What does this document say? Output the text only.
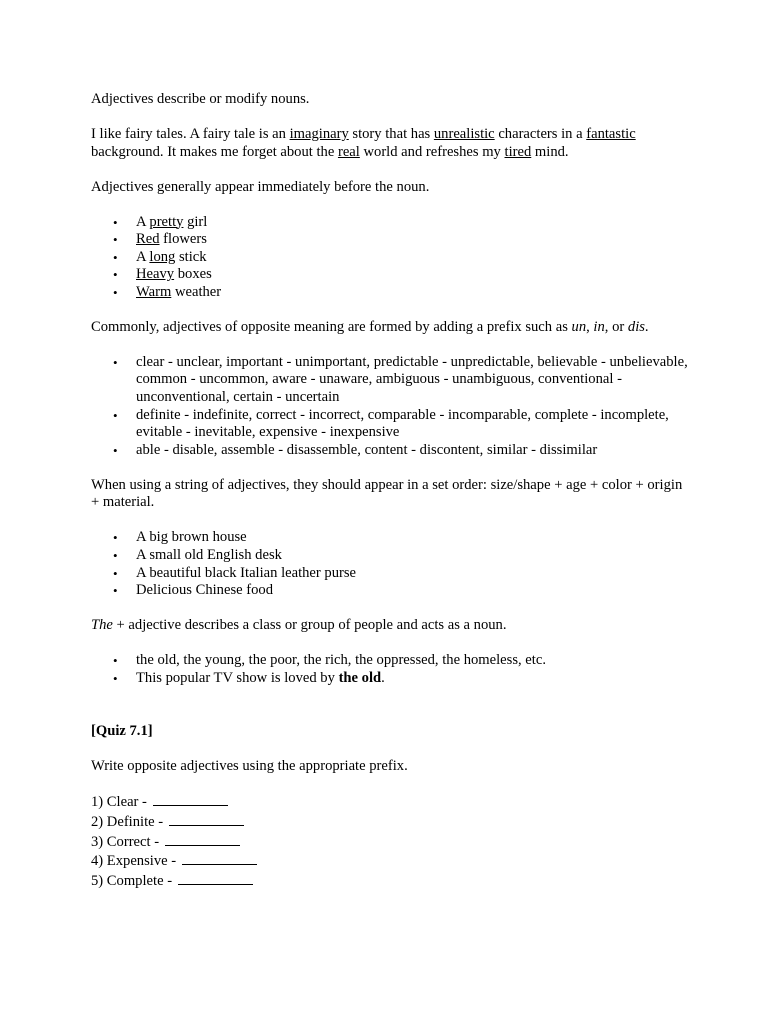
Adjectives describe or modify nouns.

I like fairy tales. A fairy tale is an imaginary story that has unrealistic characters in a fantastic background. It makes me forget about the real world and refreshes my tired mind.

Adjectives generally appear immediately before the noun.

• A pretty girl
• Red flowers
• A long stick
• Heavy boxes
• Warm weather

Commonly, adjectives of opposite meaning are formed by adding a prefix such as un, in, or dis.

• clear - unclear, important - unimportant, predictable - unpredictable, believable - unbelievable, common - uncommon, aware - unaware, ambiguous - unambiguous, conventional - unconventional, certain - uncertain
• definite - indefinite, correct - incorrect, comparable - incomparable, complete - incomplete, evitable - inevitable, expensive - inexpensive
• able - disable, assemble - disassemble, content - discontent, similar - dissimilar

When using a string of adjectives, they should appear in a set order: size/shape + age + color + origin + material.

• A big brown house
• A small old English desk
• A beautiful black Italian leather purse
• Delicious Chinese food

The + adjective describes a class or group of people and acts as a noun.

• the old, the young, the poor, the rich, the oppressed, the homeless, etc.
• This popular TV show is loved by the old.

[Quiz 7.1]

Write opposite adjectives using the appropriate prefix.

1) Clear -
2) Definite -
3) Correct -
4) Expensive -
5) Complete -
